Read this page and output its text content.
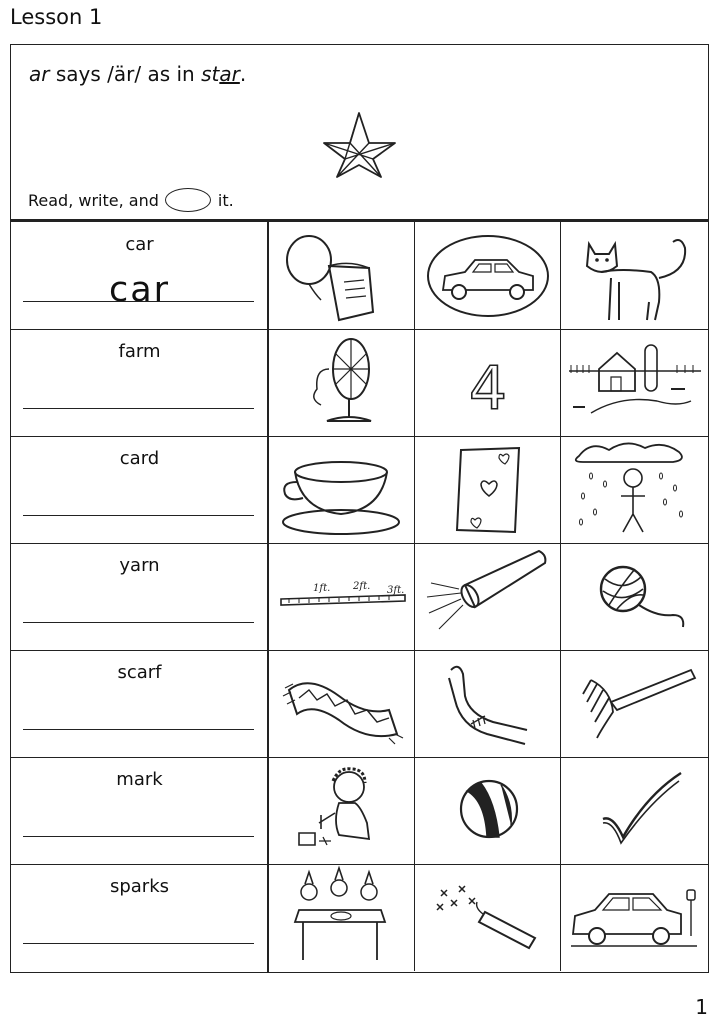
Lesson 1
ar says /är/ as in star.
Read, write, and	it.
car
car
farm
4
card
yarn
1ft. 2ft. 3ft.
scarf
mark
sparks
1
